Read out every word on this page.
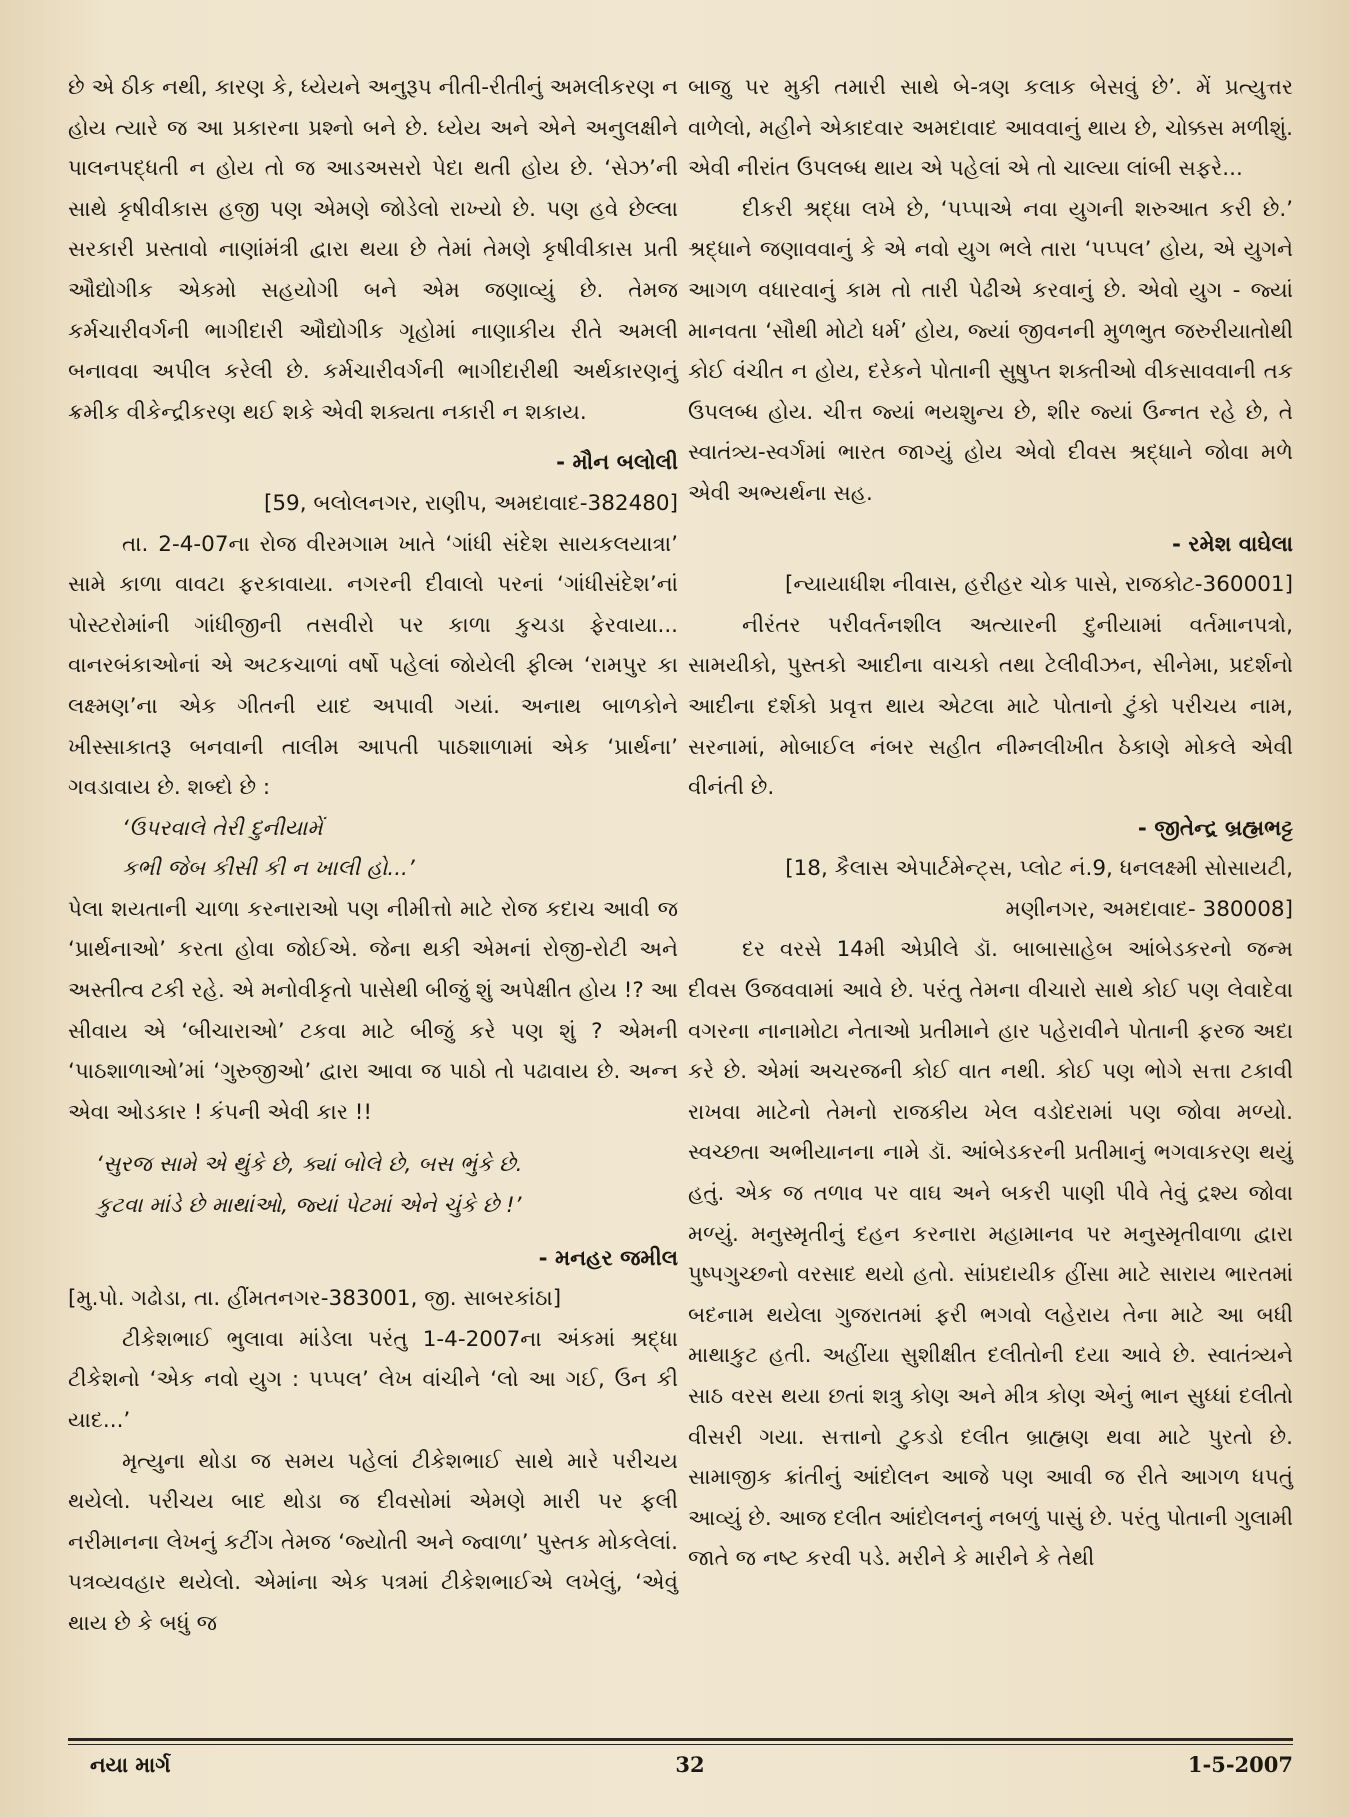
છે એ ઠીક નથી, કારણ કે, ધ્યેયને અનુરૂપ નીતી-રીતીનું અમલીકરણ ન હોય ત્યારે જ આ પ્રકારના પ્રશ્નો બને છે. ધ્યેય અને એને અનુલક્ષીને પાલનપદ્ધતી ન હોય તો જ આડઅસરો પેદા થતી હોય છે. ‘સેઝ’ની સાથે કૃષીવીકાસ હજી પણ એમણે જોડેલો રાખ્યો છે. પણ હવે છેલ્લા સરકારી પ્રસ્તાવો નાણાંમંત્રી દ્વારા થયા છે તેમાં તેમણે કૃષીવીકાસ પ્રતી ઔદ્યોગીક એકમો સહયોગી બને એમ જણાવ્યું છે. તેમજ કર્મચારીવર્ગની ભાગીદારી ઔદ્યોગીક ગૃહોમાં નાણાકીય રીતે અમલી બનાવવા અપીલ કરેલી છે. કર્મચારીવર્ગની ભાગીદારીથી અર્થકારણનું ક્રમીક વીકેન્દ્રીકરણ થઈ શકે એવી શક્યતા નકારી ન શકાય.

- મૌન બલોલી

[59, બલોલનગર, રાણીપ, અમદાવાદ-382480]

તા. 2-4-07ના રોજ વીરમગામ ખાતે ‘ગાંધી સંદેશ સાયકલયાત્રા’ સામે કાળા વાવટા ફરકાવાયા. નગરની દીવાલો પરનાં ‘ગાંધીસંદેશ’નાં પોસ્ટરોમાંની ગાંધીજીની તસવીરો પર કાળા કુચડા ફેરવાયા... વાનરબંકાઓનાં એ અટકચાળાં વર્ષો પહેલાં જોયેલી ફીલ્મ ‘રામપુર કા લક્ષ્મણ’ના એક ગીતની યાદ અપાવી ગયાં. અનાથ બાળકોને ખીસ્સાકાતરૂ બનવાની તાલીમ આપતી પાઠશાળામાં એક ‘પ્રાર્થના’ ગવડાવાય છે. શબ્દો છે :

‘ઉપરવાલે તેરી દુનીયામેં

કભી જેબ કીસી કી ન ખાલી હો...’

પેલા શયતાની ચાળા કરનારાઓ પણ નીમીત્તો માટે રોજ કદાચ આવી જ ‘પ્રાર્થનાઓ’ કરતા હોવા જોઈએ. જેના થકી એમનાં રોજી-રોટી અને અસ્તીત્વ ટકી રહે. એ મનોવીકૃતો પાસેથી બીજું શું અપેક્ષીત હોય !? આ સીવાય એ ‘બીચારાઓ’ ટકવા માટે બીજું કરે પણ શું ? એમની ‘પાઠશાળાઓ’માં ‘ગુરુજીઓ’ દ્વારા આવા જ પાઠો તો પઢાવાય છે. અન્ન એવા ઓડકાર ! કંપની એવી કાર !!

‘સુરજ સામે એ થુંકે છે, ક્યાં બોલે છે, બસ ભુંકે છે.

કુટવા માંડે છે માથાંઓ, જ્યાં પેટમાં એને ચુંકે છે !’

- મનહર જમીલ

[મુ.પો. ગઢોડા, તા. હીંમતનગર-383001, જી. સાબરકાંઠા]

ટીકેશભાઈ ભુલાવા માંડેલા પરંતુ 1-4-2007ના અંકમાં શ્રદ્ધા ટીકેશનો ‘એક નવો યુગ : પપ્પલ’ લેખ વાંચીને ‘લો આ ગઈ, ઉન કી યાદ...’

મૃત્યુના થોડા જ સમય પહેલાં ટીકેશભાઈ સાથે મારે પરીચય થયેલો. પરીચય બાદ થોડા જ દીવસોમાં એમણે મારી પર ફલી નરીમાનના લેખનું કટીંગ તેમજ ‘જ્યોતી અને જ્વાળા’ પુસ્તક મોકલેલાં. પત્રવ્યવહાર થયેલો. એમાંના એક પત્રમાં ટીકેશભાઈએ લખેલું, ‘એવું થાય છે કે બધું જ

બાજુ પર મુકી તમારી સાથે બે-ત્રણ કલાક બેસવું છે’. મેં પ્રત્યુત્તર વાળેલો, મહીને એકાદવાર અમદાવાદ આવવાનું થાય છે, ચોક્કસ મળીશું. એવી નીરાંત ઉપલબ્ધ થાય એ પહેલાં એ તો ચાલ્યા લાંબી સફરે...

દીકરી શ્રદ્ધા લખે છે, ‘પપ્પાએ નવા યુગની શરુઆત કરી છે.’ શ્રદ્ધાને જણાવવાનું કે એ નવો યુગ ભલે તારા ‘પપ્પલ’ હોય, એ યુગને આગળ વધારવાનું કામ તો તારી પેઢીએ કરવાનું છે. એવો યુગ - જ્યાં માનવતા ‘સૌથી મોટો ધર્મ’ હોય, જ્યાં જીવનની મુળભુત જરુરીયાતોથી કોઈ વંચીત ન હોય, દરેકને પોતાની સુષુપ્ત શક્તીઓ વીકસાવવાની તક ઉપલબ્ધ હોય. ચીત્ત જ્યાં ભયશુન્ય છે, શીર જ્યાં ઉન્નત રહે છે, તે સ્વાતંત્ર્ય-સ્વર્ગમાં ભારત જાગ્યું હોય એવો દીવસ શ્રદ્ધાને જોવા મળે એવી અભ્યર્થના સહ.

- રમેશ વાઘેલા

[ન્યાયાધીશ નીવાસ, હરીહર ચોક પાસે, રાજકોટ-360001]

નીરંતર પરીવર્તનશીલ અત્યારની દુનીયામાં વર્તમાનપત્રો, સામયીકો, પુસ્તકો આદીના વાચકો તથા ટેલીવીઝન, સીનેમા, પ્રદર્શનો આદીના દર્શકો પ્રવૃત્ત થાય એટલા માટે પોતાનો ટુંકો પરીચય નામ, સરનામાં, મોબાઈલ નંબર સહીત નીમ્નલીખીત ઠેકાણે મોકલે એવી વીનંતી છે.

- જીતેન્દ્ર બ્રહ્મભટ્ટ

[18, કૈલાસ એપાર્ટમેન્ટ્સ, પ્લોટ નં.9, ધનલક્ષ્મી સોસાયટી,

મણીનગર, અમદાવાદ- 380008]

દર વરસે 14મી એપ્રીલે ડૉ. બાબાસાહેબ આંબેડકરનો જન્મ દીવસ ઉજવવામાં આવે છે. પરંતુ તેમના વીચારો સાથે કોઈ પણ લેવાદેવા વગરના નાનામોટા નેતાઓ પ્રતીમાને હાર પહેરાવીને પોતાની ફરજ અદા કરે છે. એમાં અચરજની કોઈ વાત નથી. કોઈ પણ ભોગે સત્તા ટકાવી રાખવા માટેનો તેમનો રાજકીય ખેલ વડોદરામાં પણ જોવા મળ્યો. સ્વચ્છતા અભીયાનના નામે ડૉ. આંબેડકરની પ્રતીમાનું ભગવાકરણ થયું હતું. એક જ તળાવ પર વાઘ અને બકરી પાણી પીવે તેવું દ્રશ્ય જોવા મળ્યું. મનુસ્મૃતીનું દહન કરનારા મહામાનવ પર મનુસ્મૃતીવાળા દ્વારા પુષ્પગુચ્છનો વરસાદ થયો હતો. સાંપ્રદાયીક હીંસા માટે સારાય ભારતમાં બદનામ થયેલા ગુજરાતમાં ફરી ભગવો લહેરાય તેના માટે આ બધી માથાકુટ હતી. અહીંયા સુશીક્ષીત દલીતોની દયા આવે છે. સ્વાતંત્ર્યને સાઠ વરસ થયા છતાં શત્રુ કોણ અને મીત્ર કોણ એનું ભાન સુધ્ધાં દલીતો વીસરી ગયા. સત્તાનો ટુકડો દલીત બ્રાહ્મણ થવા માટે પુરતો છે. સામાજીક ક્રાંતીનું આંદોલન આજે પણ આવી જ રીતે આગળ ધપતું આવ્યું છે. આજ દલીત આંદોલનનું નબળું પાસું છે. પરંતુ પોતાની ગુલામી જાતે જ નષ્ટ કરવી પડે. મરીને કે મારીને કે તેથી

નયા માર્ગ	32	1-5-2007
